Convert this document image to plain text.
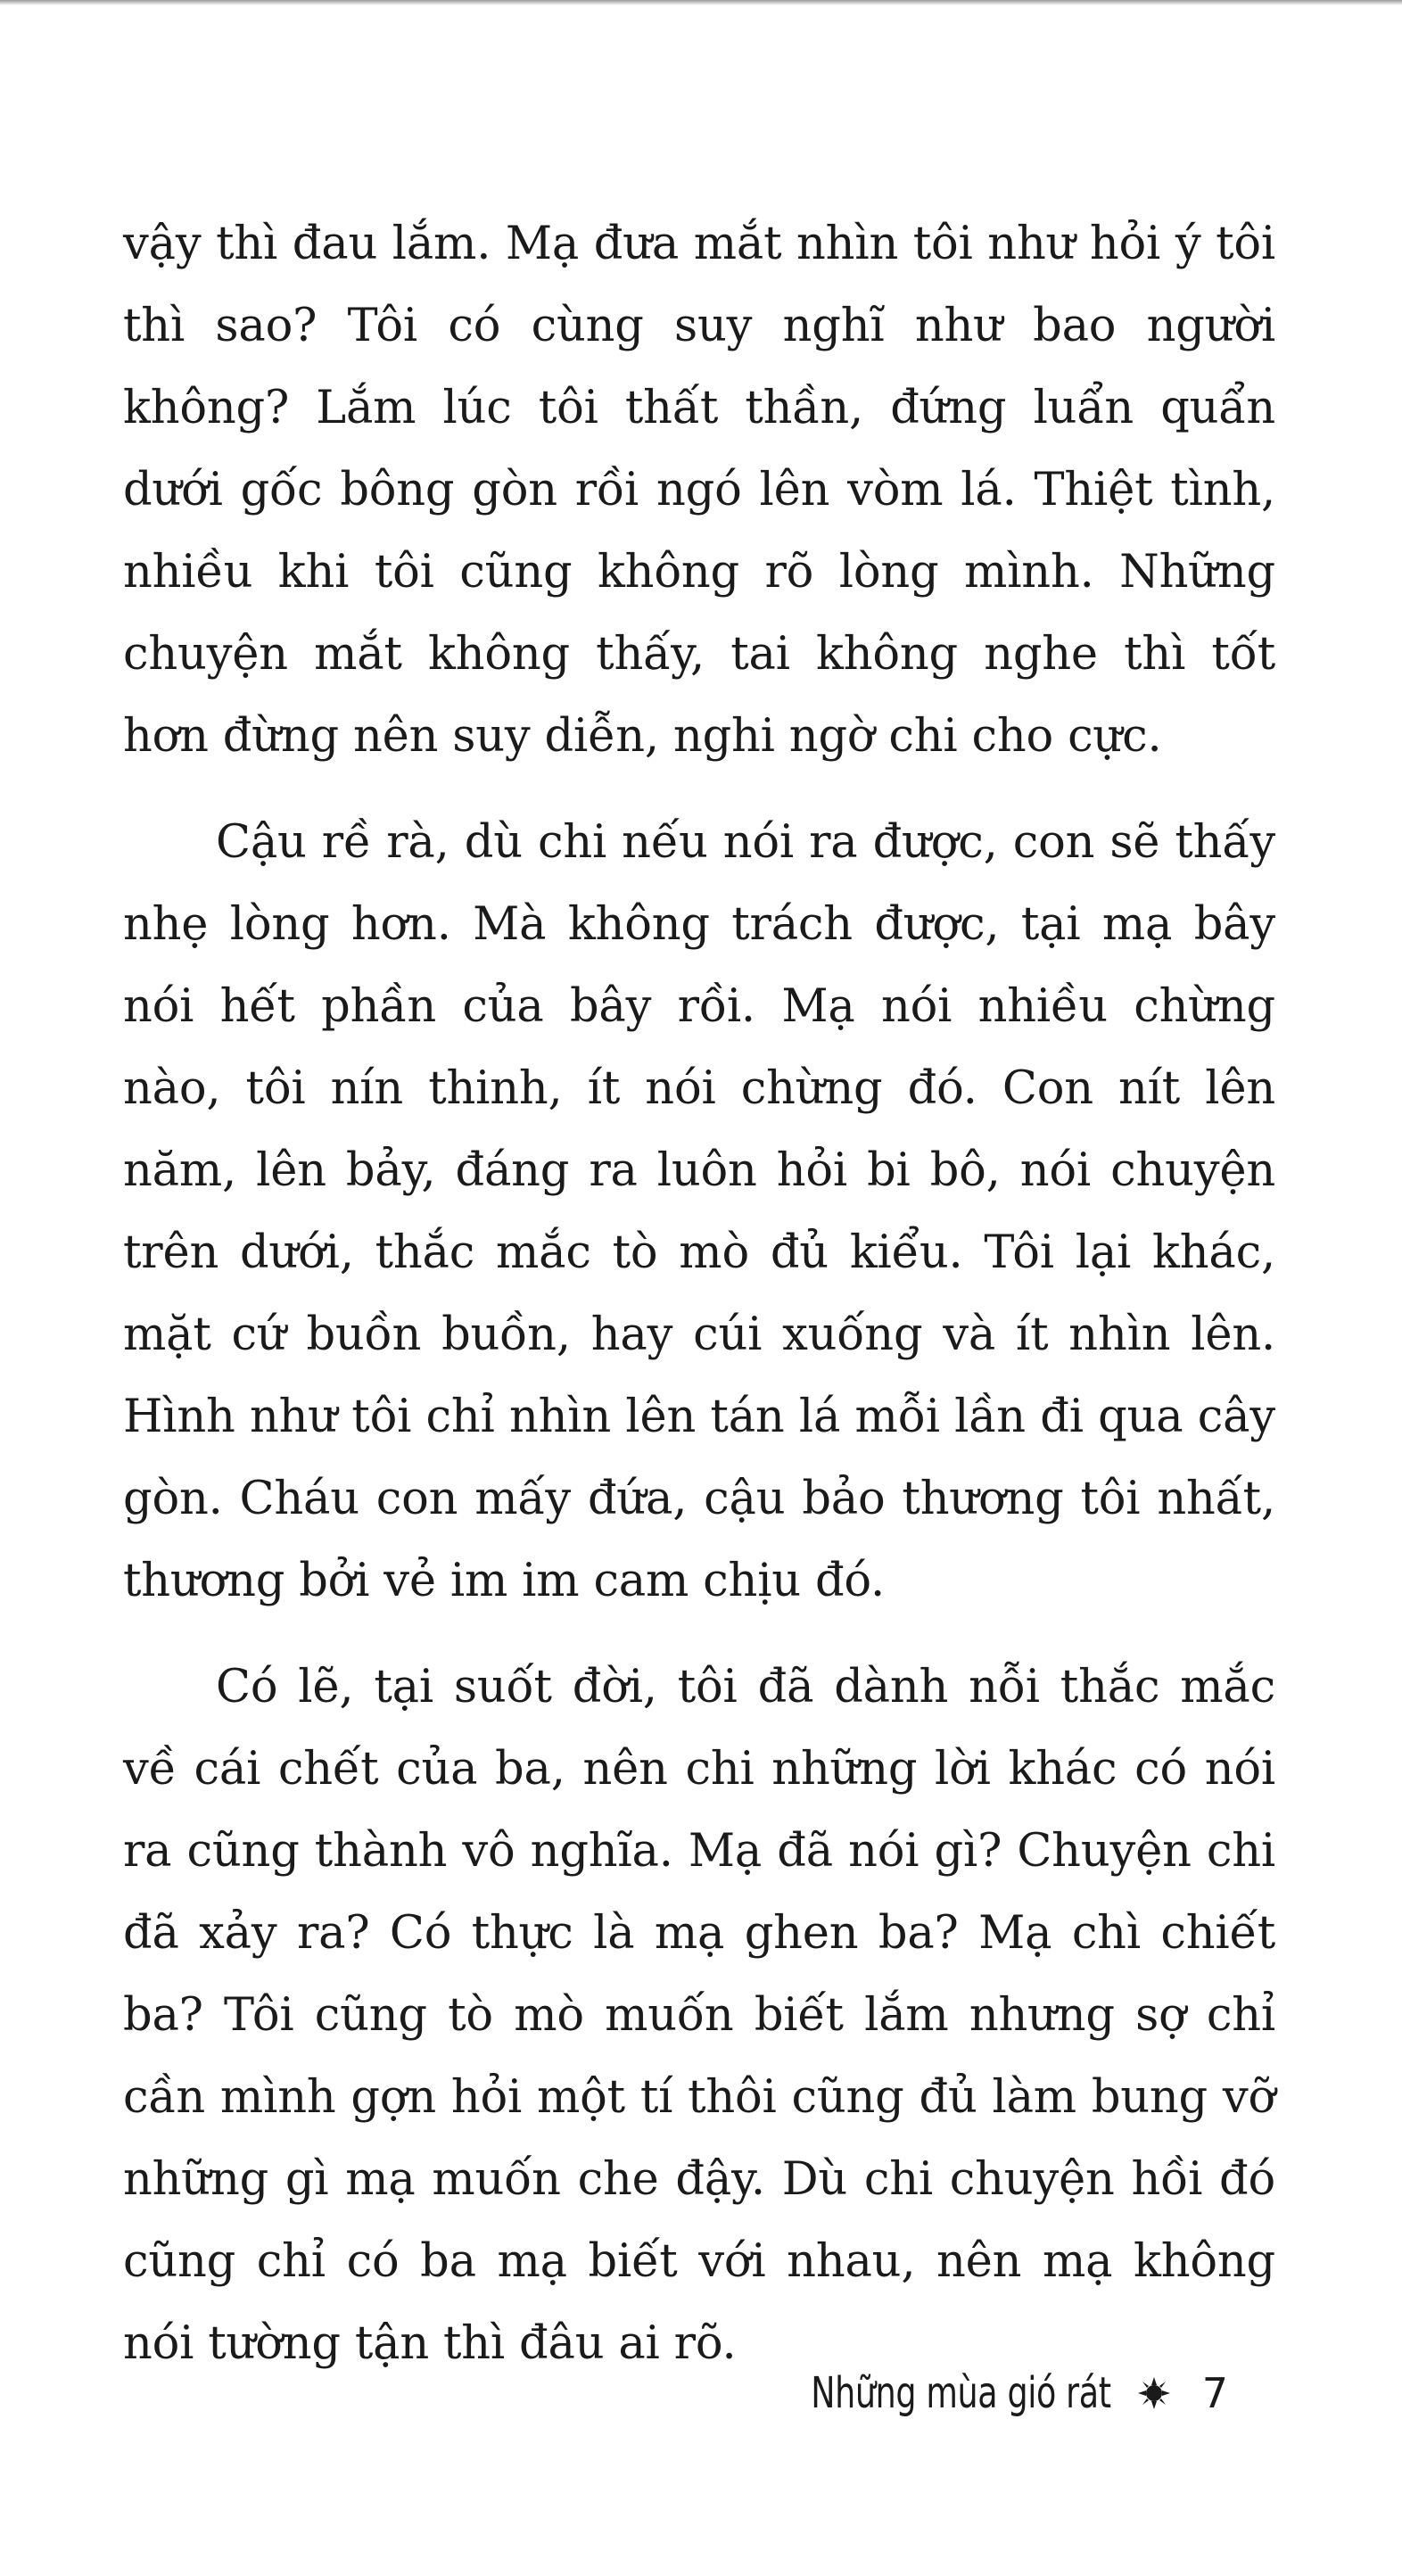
vậy thì đau lắm. Mạ đưa mắt nhìn tôi như hỏi ý tôi thì sao? Tôi có cùng suy nghĩ như bao người không? Lắm lúc tôi thất thần, đứng luẩn quẩn dưới gốc bông gòn rồi ngó lên vòm lá. Thiệt tình, nhiều khi tôi cũng không rõ lòng mình. Những chuyện mắt không thấy, tai không nghe thì tốt hơn đừng nên suy diễn, nghi ngờ chi cho cực.

Cậu rề rà, dù chi nếu nói ra được, con sẽ thấy nhẹ lòng hơn. Mà không trách được, tại mạ bây nói hết phần của bây rồi. Mạ nói nhiều chừng nào, tôi nín thinh, ít nói chừng đó. Con nít lên năm, lên bảy, đáng ra luôn hỏi bi bô, nói chuyện trên dưới, thắc mắc tò mò đủ kiểu. Tôi lại khác, mặt cứ buồn buồn, hay cúi xuống và ít nhìn lên. Hình như tôi chỉ nhìn lên tán lá mỗi lần đi qua cây gòn. Cháu con mấy đứa, cậu bảo thương tôi nhất, thương bởi vẻ im im cam chịu đó.

Có lẽ, tại suốt đời, tôi đã dành nỗi thắc mắc về cái chết của ba, nên chi những lời khác có nói ra cũng thành vô nghĩa. Mạ đã nói gì? Chuyện chi đã xảy ra? Có thực là mạ ghen ba? Mạ chì chiết ba? Tôi cũng tò mò muốn biết lắm nhưng sợ chỉ cần mình gợn hỏi một tí thôi cũng đủ làm bung vỡ những gì mạ muốn che đậy. Dù chi chuyện hồi đó cũng chỉ có ba mạ biết với nhau, nên mạ không nói tường tận thì đâu ai rõ.

Những mùa gió rát 7
